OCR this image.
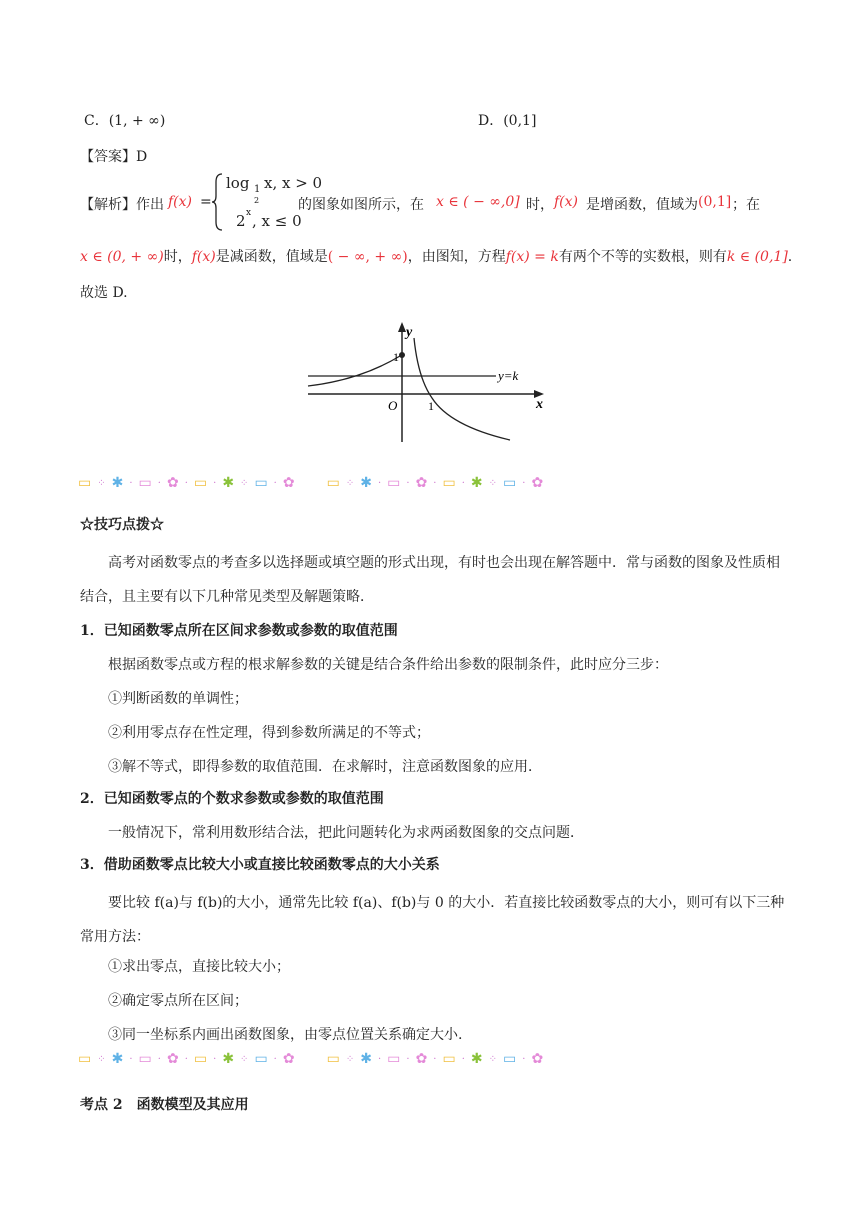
C．(1, + ∞)	D．(0,1]
【答案】D
【解析】作出 f(x) =
log 1
2
x, x > 0
2 x , x ≤ 0
的图象如图所示，在 x ∈ ( − ∞,0] 时， f(x) 是增函数，值域为 (0,1] ；在
x ∈ (0, + ∞)时，f(x)是减函数，值域是( − ∞, + ∞)，由图知，方程f(x) = k有两个不等的实数根，则有k ∈ (0,1].
故选 D.
y
1
O	1
y=k
x
▭ ⁘ ✱ · ▭ · ✿ · ▭ · ✱ ⁘ ▭ · ✿ ▭ ⁘ ✱ · ▭ · ✿ · ▭ · ✱ ⁘ ▭ · ✿
☆技巧点拨☆
高考对函数零点的考查多以选择题或填空题的形式出现，有时也会出现在解答题中．常与函数的图象及性质相结合，且主要有以下几种常见类型及解题策略．
1．已知函数零点所在区间求参数或参数的取值范围
根据函数零点或方程的根求解参数的关键是结合条件给出参数的限制条件，此时应分三步：
①判断函数的单调性；
②利用零点存在性定理，得到参数所满足的不等式；
③解不等式，即得参数的取值范围．在求解时，注意函数图象的应用．
2．已知函数零点的个数求参数或参数的取值范围
一般情况下，常利用数形结合法，把此问题转化为求两函数图象的交点问题．
3．借助函数零点比较大小或直接比较函数零点的大小关系
要比较 f(a)与 f(b)的大小，通常先比较 f(a)、f(b)与 0 的大小．若直接比较函数零点的大小，则可有以下三种常用方法：
①求出零点，直接比较大小；
②确定零点所在区间；
③同一坐标系内画出函数图象，由零点位置关系确定大小.
▭ ⁘ ✱ · ▭ · ✿ · ▭ · ✱ ⁘ ▭ · ✿ ▭ ⁘ ✱ · ▭ · ✿ · ▭ · ✱ ⁘ ▭ · ✿
考点 2　函数模型及其应用
